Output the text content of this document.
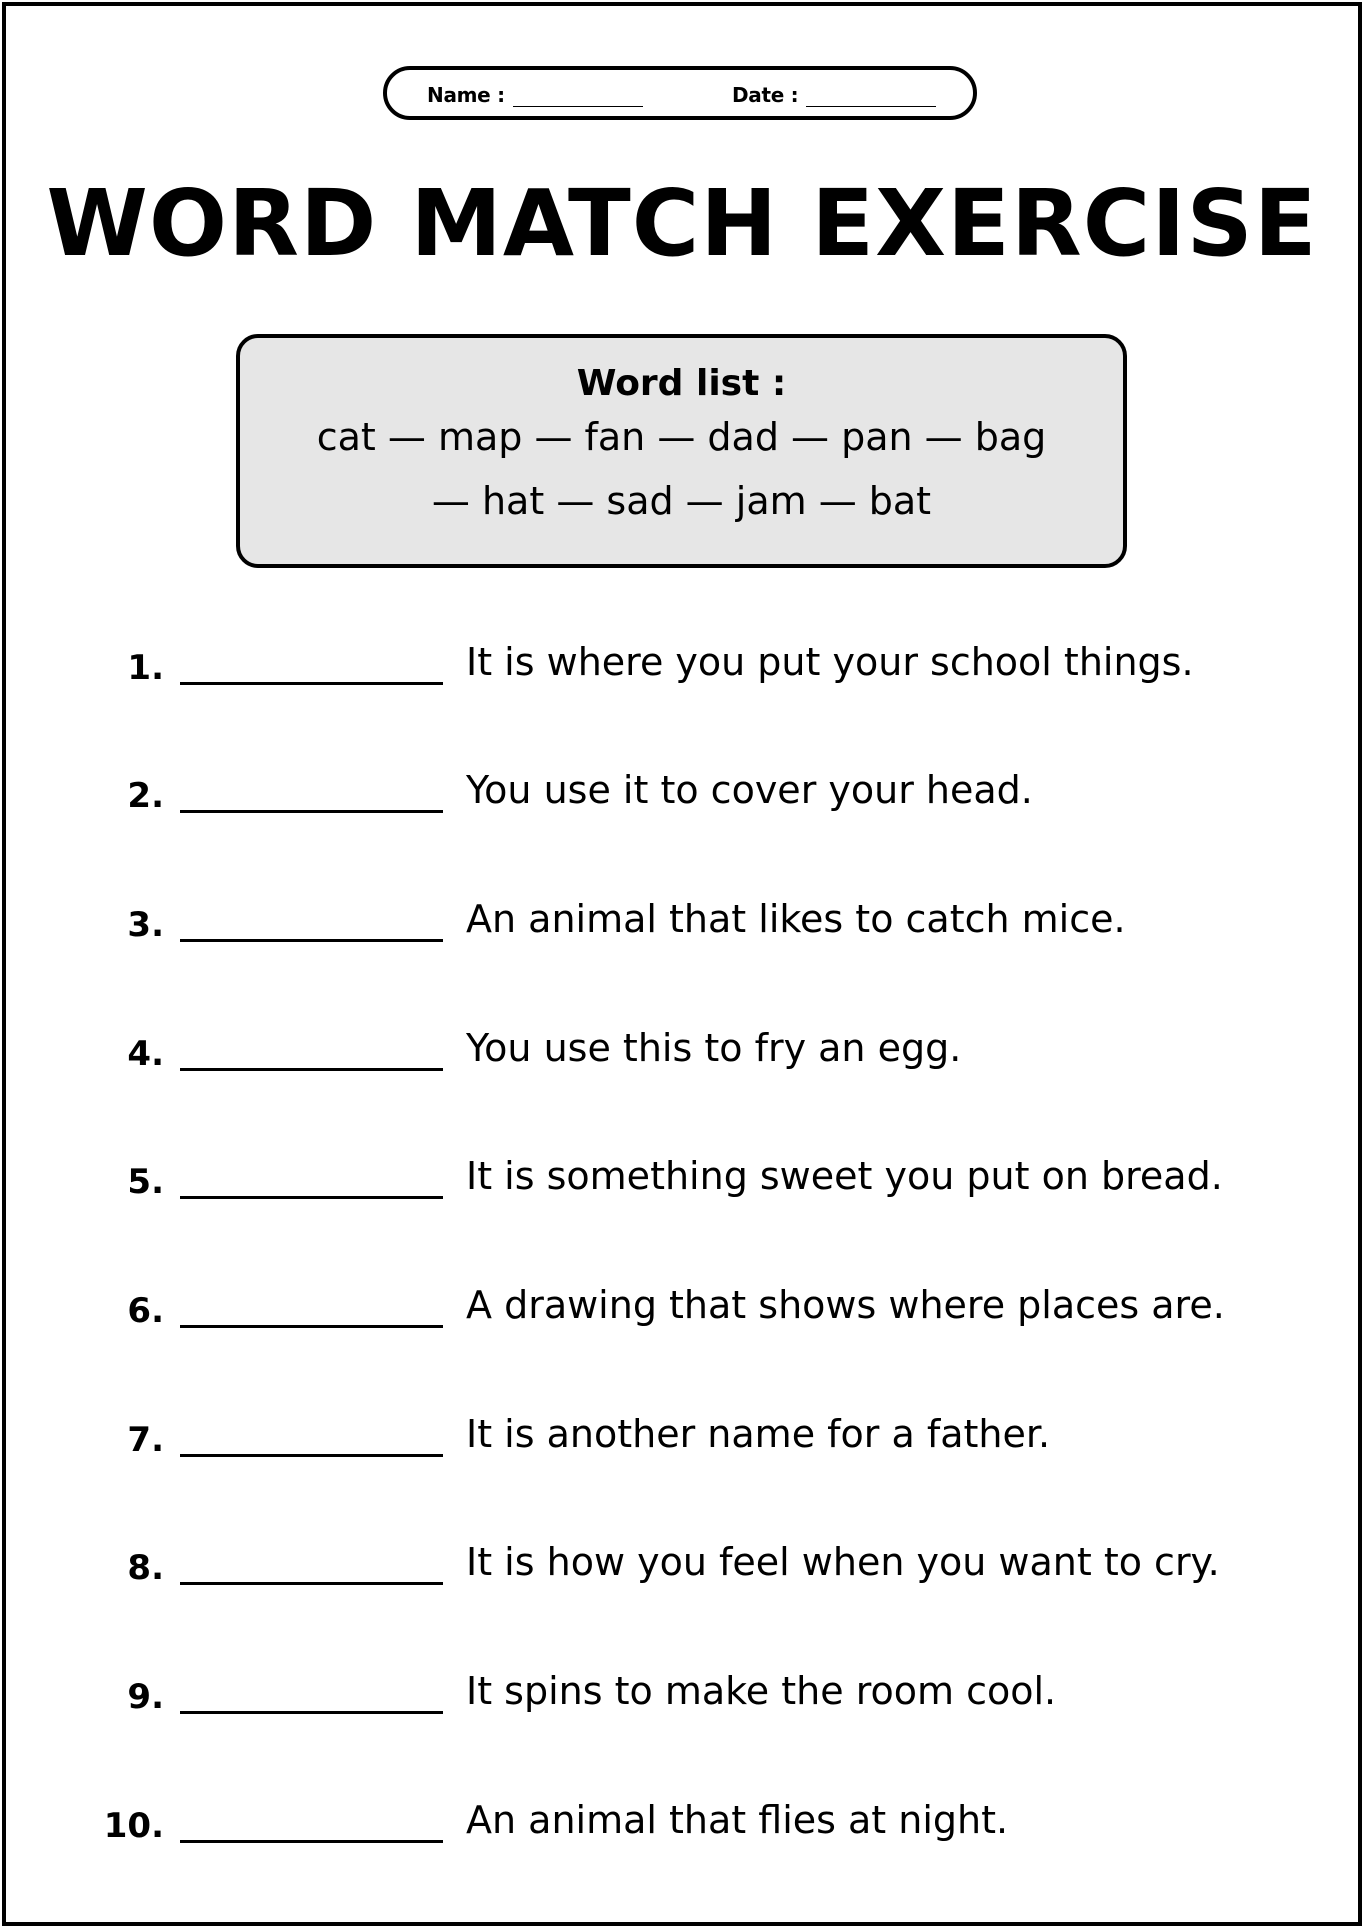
Name :	Date :
WORD MATCH EXERCISE
Word list :
cat — map — fan — dad — pan — bag
— hat — sad — jam — bat
1.	It is where you put your school things.
2.	You use it to cover your head.
3.	An animal that likes to catch mice.
4.	You use this to fry an egg.
5.	It is something sweet you put on bread.
6.	A drawing that shows where places are.
7.	It is another name for a father.
8.	It is how you feel when you want to cry.
9.	It spins to make the room cool.
10.	An animal that flies at night.
